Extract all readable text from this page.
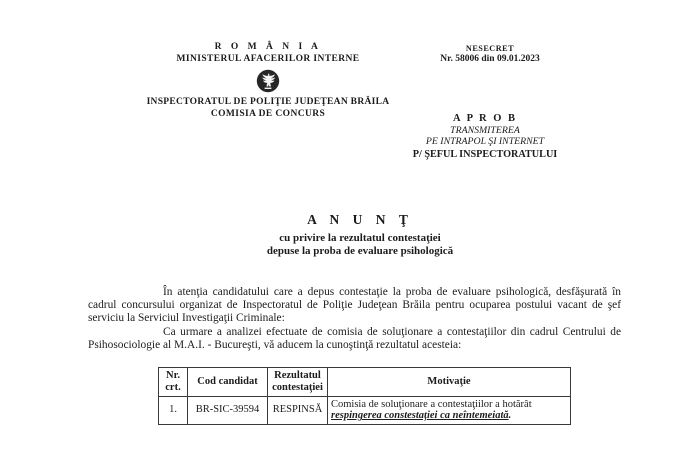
R O M Â N I A
MINISTERUL AFACERILOR INTERNE
INSPECTORATUL DE POLIŢIE JUDEŢEAN BRĂILA
COMISIA DE CONCURS
NESECRET
Nr. 58006 din 09.01.2023
A P R O B
TRANSMITEREA
PE INTRAPOL ŞI INTERNET
P/ ŞEFUL INSPECTORATULUI
A N U N Ţ
cu privire la rezultatul contestaţiei
depuse la proba de evaluare psihologică

În atenţia candidatului care a depus contestaţie la proba de evaluare psihologică, desfăşurată în cadrul concursului organizat de Inspectoratul de Poliţie Judeţean Brăila pentru ocuparea postului vacant de şef serviciu la Serviciul Investigaţii Criminale:

Ca urmare a analizei efectuate de comisia de soluţionare a contestaţiilor din cadrul Centrului de Psihosociologie al M.A.I. - Bucureşti, vă aducem la cunoştinţă rezultatul acesteia:

Nr. crt.	Cod candidat	Rezultatul contestaţiei	Motivaţie
1.	BR-SIC-39594	RESPINSĂ	Comisia de soluţionare a contestaţiilor a hotărât
respingerea constestaţiei ca neîntemeiată.
